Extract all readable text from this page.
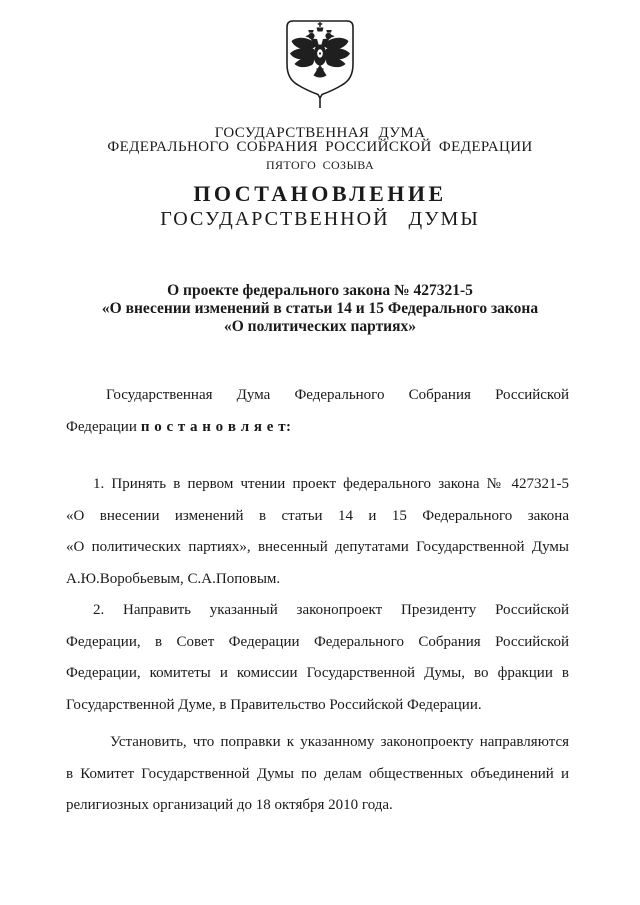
ГОСУДАРСТВЕННАЯ ДУМА
ФЕДЕРАЛЬНОГО СОБРАНИЯ РОССИЙСКОЙ ФЕДЕРАЦИИ
ПЯТОГО СОЗЫВА
ПОСТАНОВЛЕНИЕ
ГОСУДАРСТВЕННОЙ ДУМЫ
О проекте федерального закона № 427321-5
«О внесении изменений в статьи 14 и 15 Федерального закона
«О политических партиях»
Государственная Дума Федерального Собрания Российской
Федерации п о с т а н о в л я е т:
1. Принять в первом чтении проект федерального закона № 427321-5
«О внесении изменений в статьи 14 и 15 Федерального закона
«О политических партиях», внесенный депутатами Государственной Думы
А.Ю.Воробьевым, С.А.Поповым.
2. Направить указанный законопроект Президенту Российской
Федерации, в Совет Федерации Федерального Собрания Российской
Федерации, комитеты и комиссии Государственной Думы, во фракции в
Государственной Думе, в Правительство Российской Федерации.
Установить, что поправки к указанному законопроекту направляются
в Комитет Государственной Думы по делам общественных объединений и
религиозных организаций до 18 октября 2010 года.
